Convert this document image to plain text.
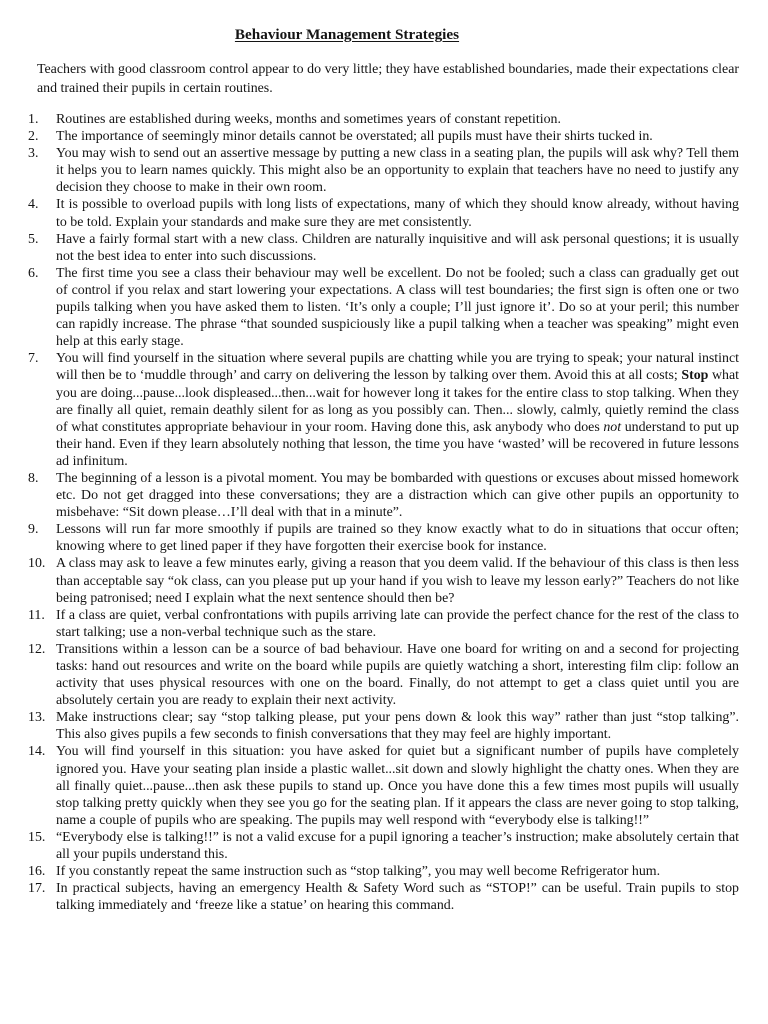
Behaviour Management Strategies
Teachers with good classroom control appear to do very little; they have established boundaries, made their expectations clear and trained their pupils in certain routines.
1.	Routines are established during weeks, months and sometimes years of constant repetition.
2.	The importance of seemingly minor details cannot be overstated; all pupils must have their shirts tucked in.
3.	You may wish to send out an assertive message by putting a new class in a seating plan, the pupils will ask why? Tell them it helps you to learn names quickly. This might also be an opportunity to explain that teachers have no need to justify any decision they choose to make in their own room.
4.	It is possible to overload pupils with long lists of expectations, many of which they should know already, without having to be told. Explain your standards and make sure they are met consistently.
5.	Have a fairly formal start with a new class. Children are naturally inquisitive and will ask personal questions; it is usually not the best idea to enter into such discussions.
6.	The first time you see a class their behaviour may well be excellent. Do not be fooled; such a class can gradually get out of control if you relax and start lowering your expectations. A class will test boundaries; the first sign is often one or two pupils talking when you have asked them to listen. ‘It’s only a couple; I’ll just ignore it’. Do so at your peril; this number can rapidly increase. The phrase “that sounded suspiciously like a pupil talking when a teacher was speaking” might even help at this early stage.
7.	You will find yourself in the situation where several pupils are chatting while you are trying to speak; your natural instinct will then be to ‘muddle through’ and carry on delivering the lesson by talking over them. Avoid this at all costs; Stop what you are doing...pause...look displeased...then...wait for however long it takes for the entire class to stop talking. When they are finally all quiet, remain deathly silent for as long as you possibly can. Then... slowly, calmly, quietly remind the class of what constitutes appropriate behaviour in your room. Having done this, ask anybody who does not understand to put up their hand. Even if they learn absolutely nothing that lesson, the time you have ‘wasted’ will be recovered in future lessons ad infinitum.
8.	The beginning of a lesson is a pivotal moment. You may be bombarded with questions or excuses about missed homework etc. Do not get dragged into these conversations; they are a distraction which can give other pupils an opportunity to misbehave: “Sit down please…I’ll deal with that in a minute”.
9.	Lessons will run far more smoothly if pupils are trained so they know exactly what to do in situations that occur often; knowing where to get lined paper if they have forgotten their exercise book for instance.
10. A class may ask to leave a few minutes early, giving a reason that you deem valid. If the behaviour of this class is then less than acceptable say “ok class, can you please put up your hand if you wish to leave my lesson early?” Teachers do not like being patronised; need I explain what the next sentence should then be?
11. If a class are quiet, verbal confrontations with pupils arriving late can provide the perfect chance for the rest of the class to start talking; use a non-verbal technique such as the stare.
12. Transitions within a lesson can be a source of bad behaviour. Have one board for writing on and a second for projecting tasks: hand out resources and write on the board while pupils are quietly watching a short, interesting film clip: follow an activity that uses physical resources with one on the board. Finally, do not attempt to get a class quiet until you are absolutely certain you are ready to explain their next activity.
13. Make instructions clear; say “stop talking please, put your pens down & look this way” rather than just “stop talking”. This also gives pupils a few seconds to finish conversations that they may feel are highly important.
14. You will find yourself in this situation: you have asked for quiet but a significant number of pupils have completely ignored you. Have your seating plan inside a plastic wallet...sit down and slowly highlight the chatty ones. When they are all finally quiet...pause...then ask these pupils to stand up. Once you have done this a few times most pupils will usually stop talking pretty quickly when they see you go for the seating plan. If it appears the class are never going to stop talking, name a couple of pupils who are speaking. The pupils may well respond with “everybody else is talking!!”
15. “Everybody else is talking!!” is not a valid excuse for a pupil ignoring a teacher’s instruction; make absolutely certain that all your pupils understand this.
16. If you constantly repeat the same instruction such as “stop talking”, you may well become Refrigerator hum.
17. In practical subjects, having an emergency Health & Safety Word such as “STOP!” can be useful. Train pupils to stop talking immediately and ‘freeze like a statue’ on hearing this command.
